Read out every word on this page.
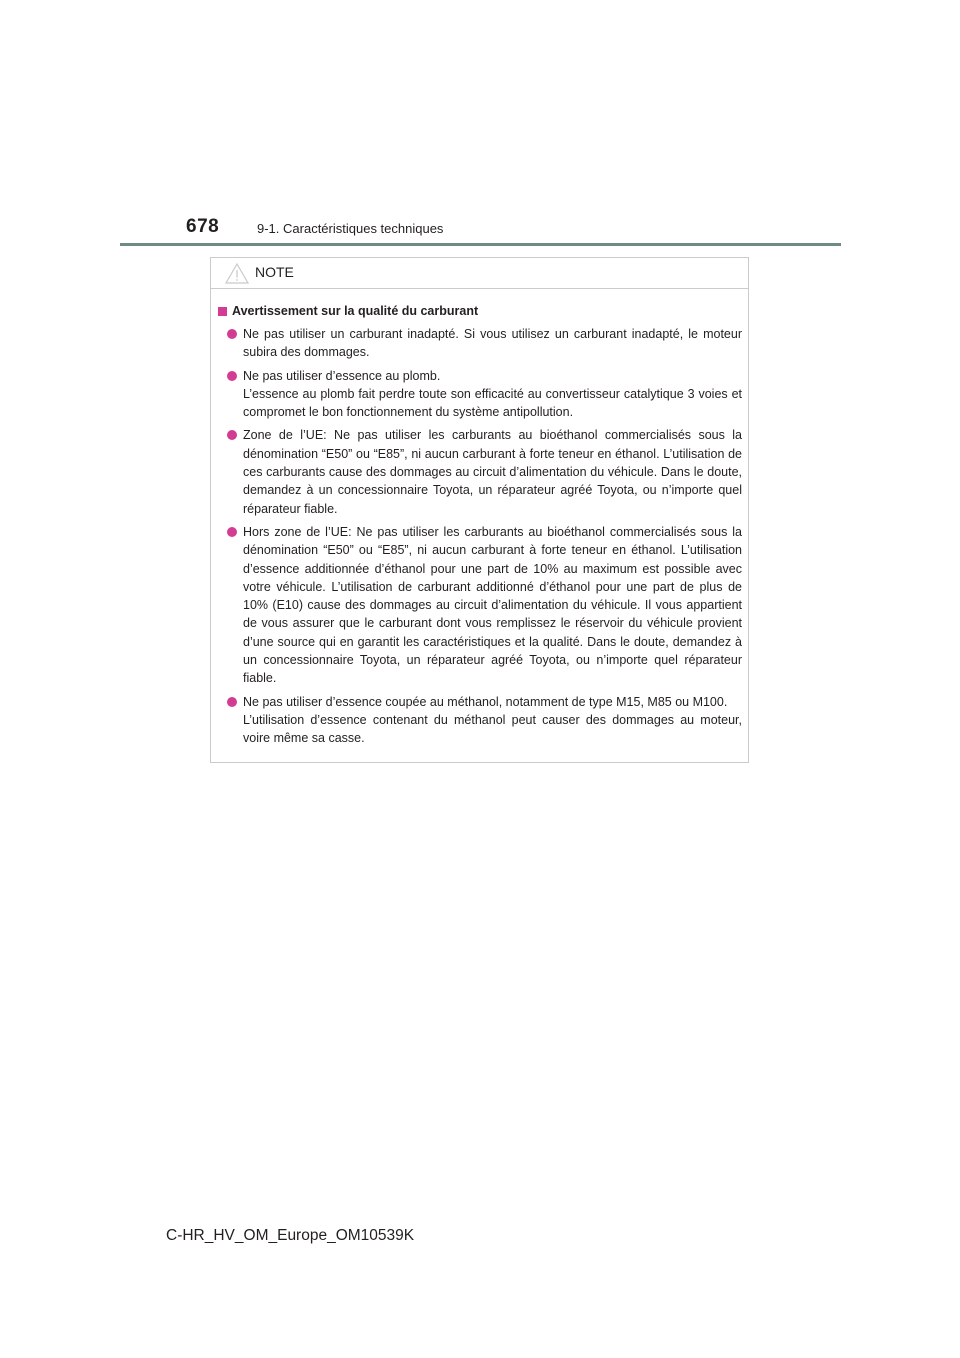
678	9-1. Caractéristiques techniques
NOTE
Avertissement sur la qualité du carburant

Ne pas utiliser un carburant inadapté. Si vous utilisez un carburant inadapté, le moteur subira des dommages.

Ne pas utiliser d’essence au plomb.

L’essence au plomb fait perdre toute son efficacité au convertisseur catalytique 3 voies et compromet le bon fonctionnement du système antipollution.

Zone de l’UE: Ne pas utiliser les carburants au bioéthanol commercialisés sous la dénomination “E50” ou “E85”, ni aucun carburant à forte teneur en éthanol. L’utilisation de ces carburants cause des dommages au circuit d’alimentation du véhicule. Dans le doute, demandez à un concessionnaire Toyota, un réparateur agréé Toyota, ou n’importe quel réparateur fiable.

Hors zone de l’UE: Ne pas utiliser les carburants au bioéthanol commercialisés sous la dénomination “E50” ou “E85”, ni aucun carburant à forte teneur en éthanol. L’utilisation d’essence additionnée d’éthanol pour une part de 10% au maximum est possible avec votre véhicule. L’utilisation de carburant additionné d’éthanol pour une part de plus de 10% (E10) cause des dommages au circuit d’alimentation du véhicule. Il vous appartient de vous assurer que le carburant dont vous remplissez le réservoir du véhicule provient d’une source qui en garantit les caractéristiques et la qualité. Dans le doute, demandez à un concessionnaire Toyota, un réparateur agréé Toyota, ou n’importe quel réparateur fiable.

Ne pas utiliser d’essence coupée au méthanol, notamment de type M15, M85 ou M100.

L’utilisation d’essence contenant du méthanol peut causer des dommages au moteur, voire même sa casse.

C-HR_HV_OM_Europe_OM10539K
